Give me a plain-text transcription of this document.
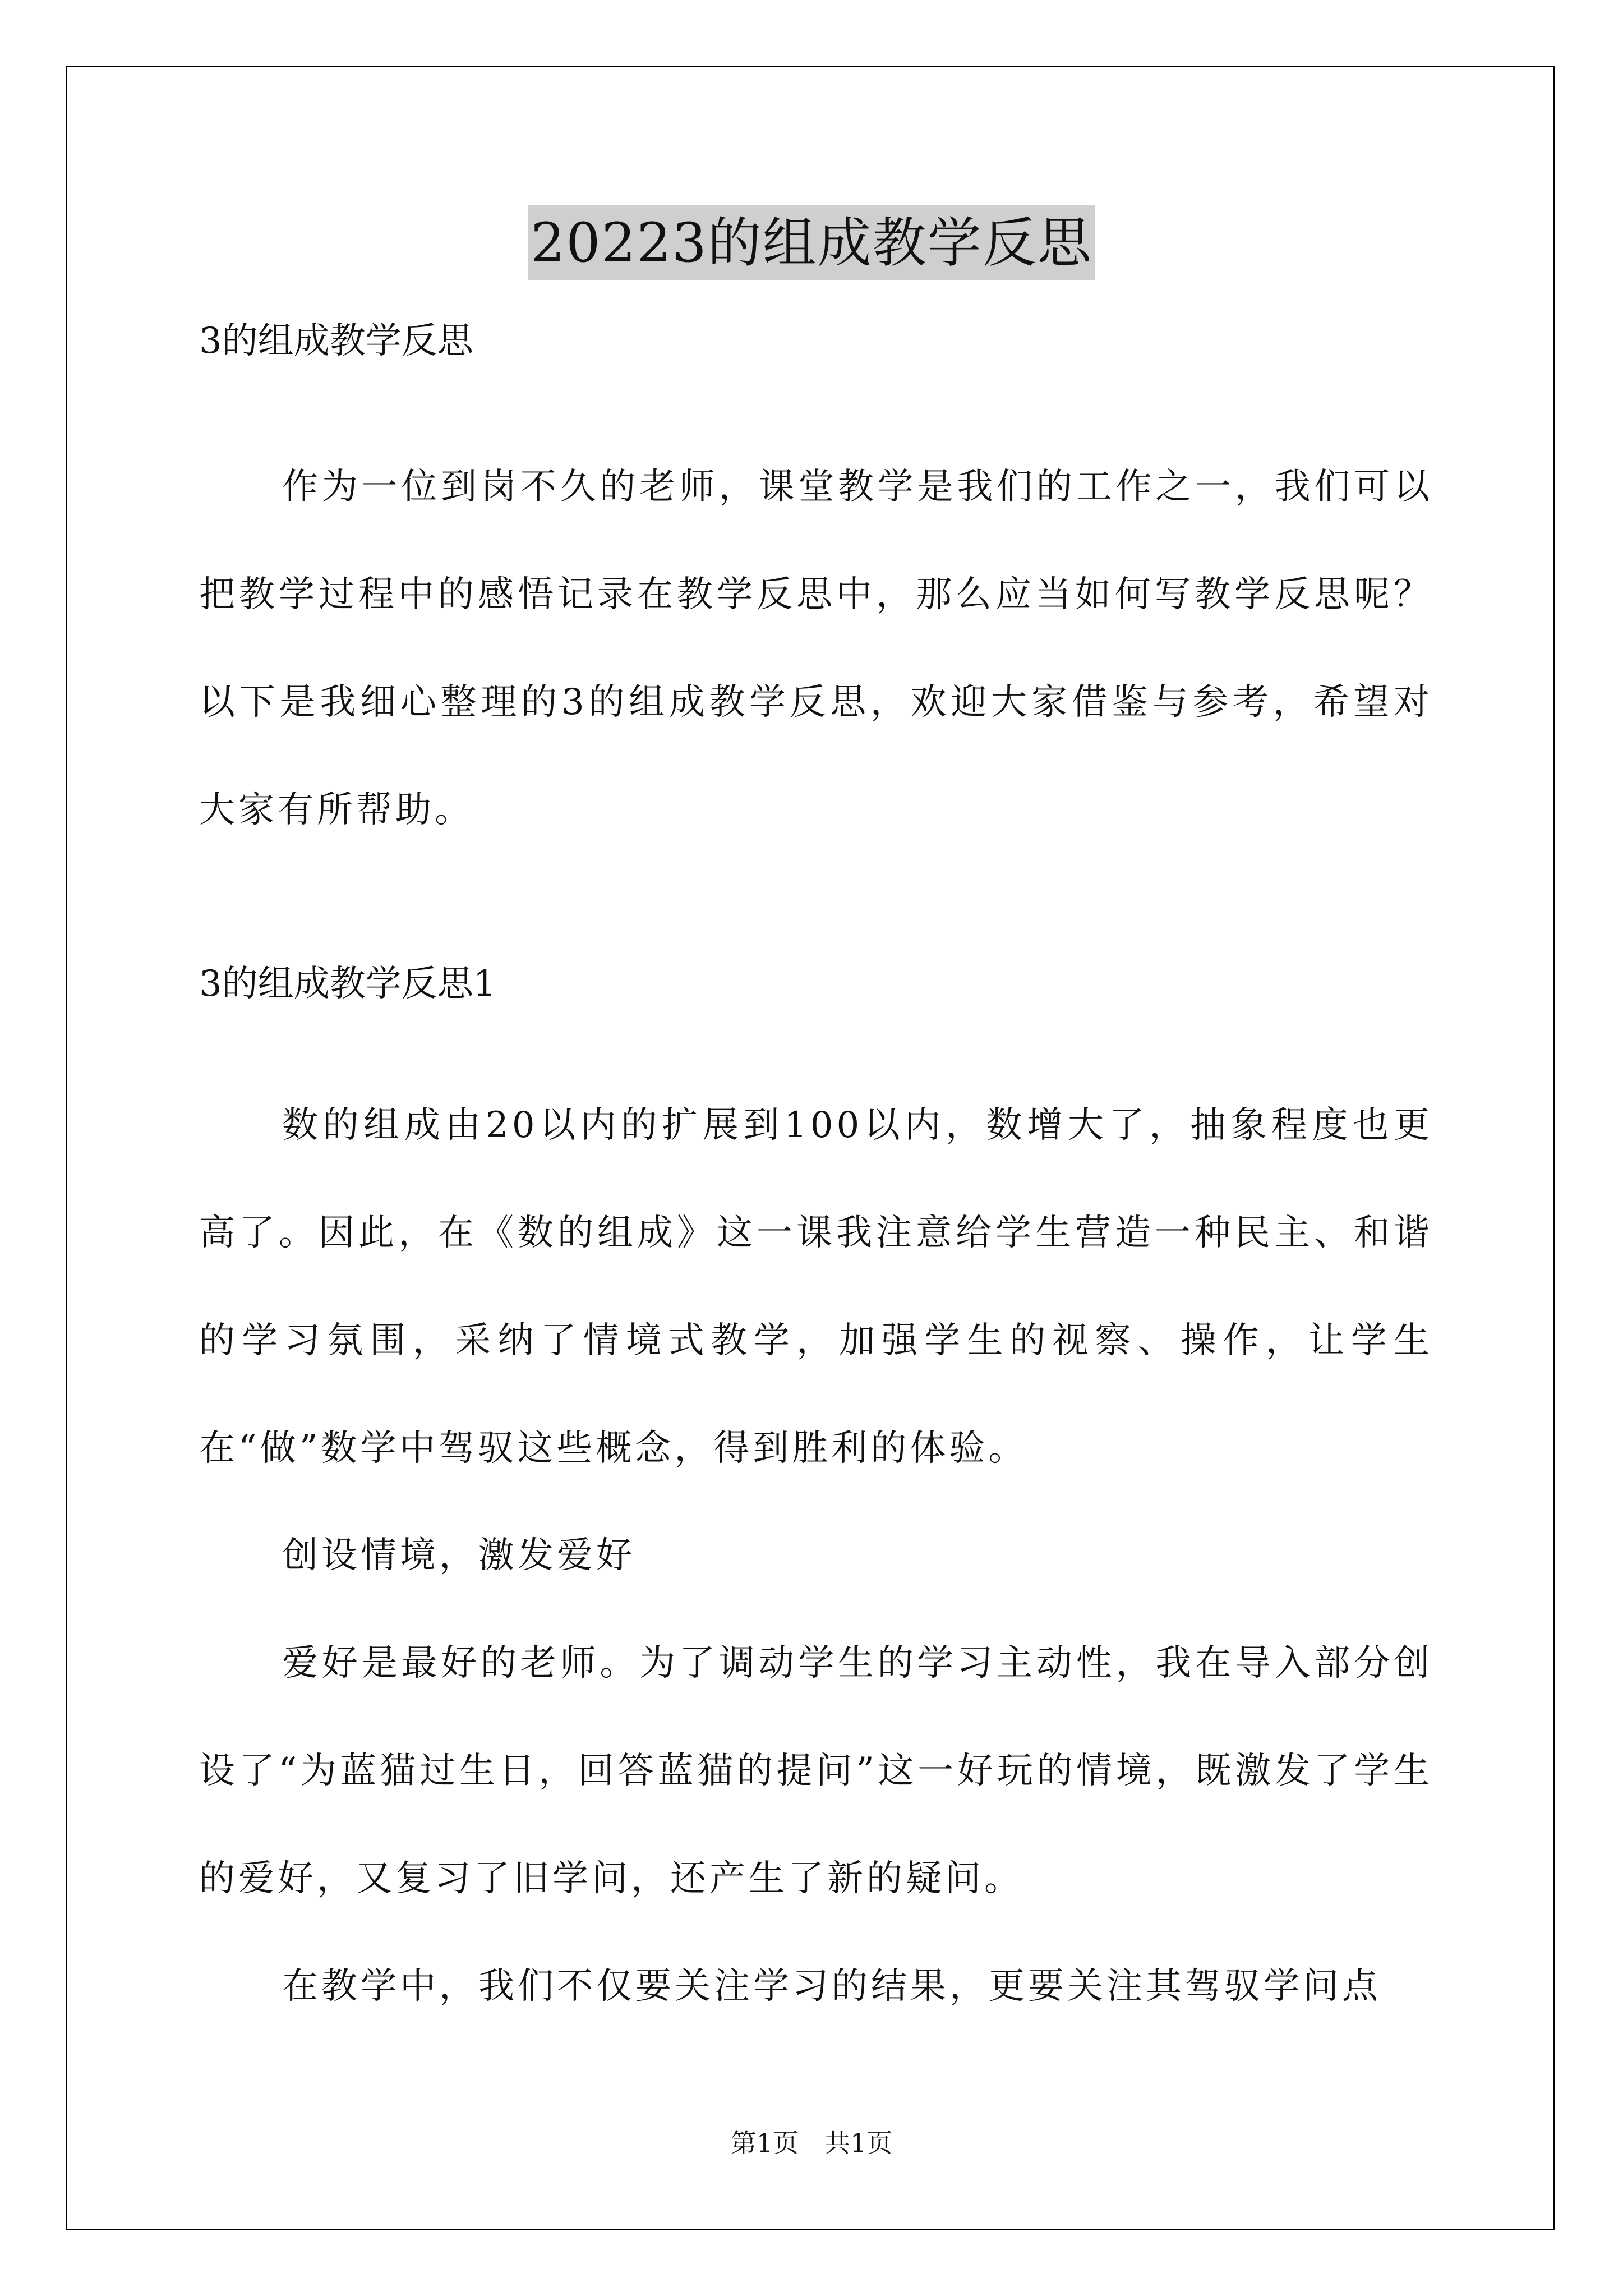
20223的组成教学反思
3的组成教学反思

作为一位到岗不久的老师，课堂教学是我们的工作之一，我们可以把教学过程中的感悟记录在教学反思中，那么应当如何写教学反思呢？以下是我细心整理的3的组成教学反思，欢迎大家借鉴与参考，希望对大家有所帮助。

3的组成教学反思1

数的组成由20以内的扩展到100以内，数增大了，抽象程度也更高了。因此，在《数的组成》这一课我注意给学生营造一种民主、和谐的学习氛围，采纳了情境式教学，加强学生的视察、操作，让学生在“做”数学中驾驭这些概念，得到胜利的体验。

创设情境，激发爱好

爱好是最好的老师。为了调动学生的学习主动性，我在导入部分创设了“为蓝猫过生日，回答蓝猫的提问”这一好玩的情境，既激发了学生的爱好，又复习了旧学问，还产生了新的疑问。

在教学中，我们不仅要关注学习的结果，更要关注其驾驭学问点

第1页　共1页
